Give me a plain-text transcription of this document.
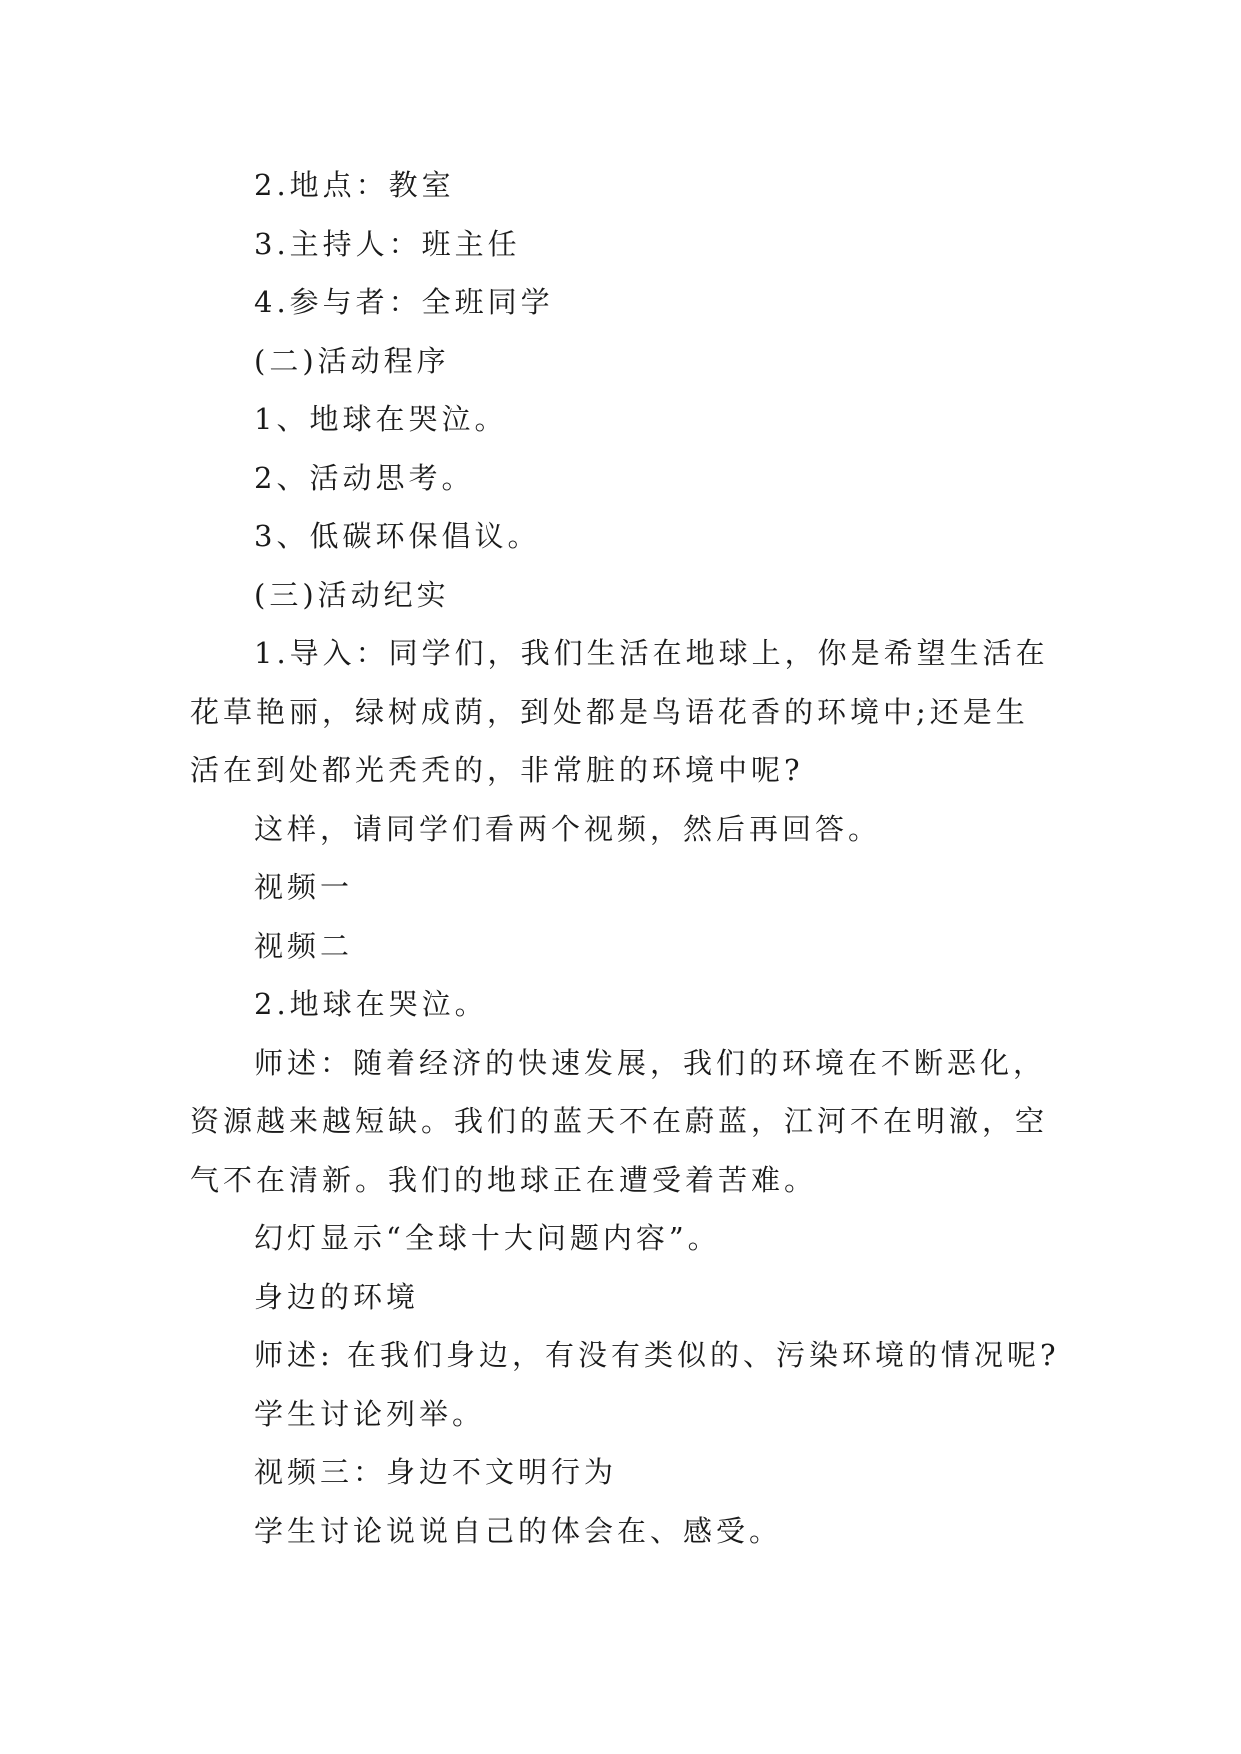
2.地点：教室
3.主持人：班主任
4.参与者：全班同学
(二)活动程序
1、地球在哭泣。
2、活动思考。
3、低碳环保倡议。
(三)活动纪实
1.导入：同学们，我们生活在地球上，你是希望生活在
花草艳丽，绿树成荫，到处都是鸟语花香的环境中;还是生
活在到处都光秃秃的，非常脏的环境中呢?
这样，请同学们看两个视频，然后再回答。
视频一
视频二
2.地球在哭泣。
师述：随着经济的快速发展，我们的环境在不断恶化，
资源越来越短缺。我们的蓝天不在蔚蓝，江河不在明澈，空
气不在清新。我们的地球正在遭受着苦难。
幻灯显示“全球十大问题内容”。
身边的环境
师述: 在我们身边，有没有类似的、污染环境的情况呢?
学生讨论列举。
视频三：身边不文明行为
学生讨论说说自己的体会在、感受。
